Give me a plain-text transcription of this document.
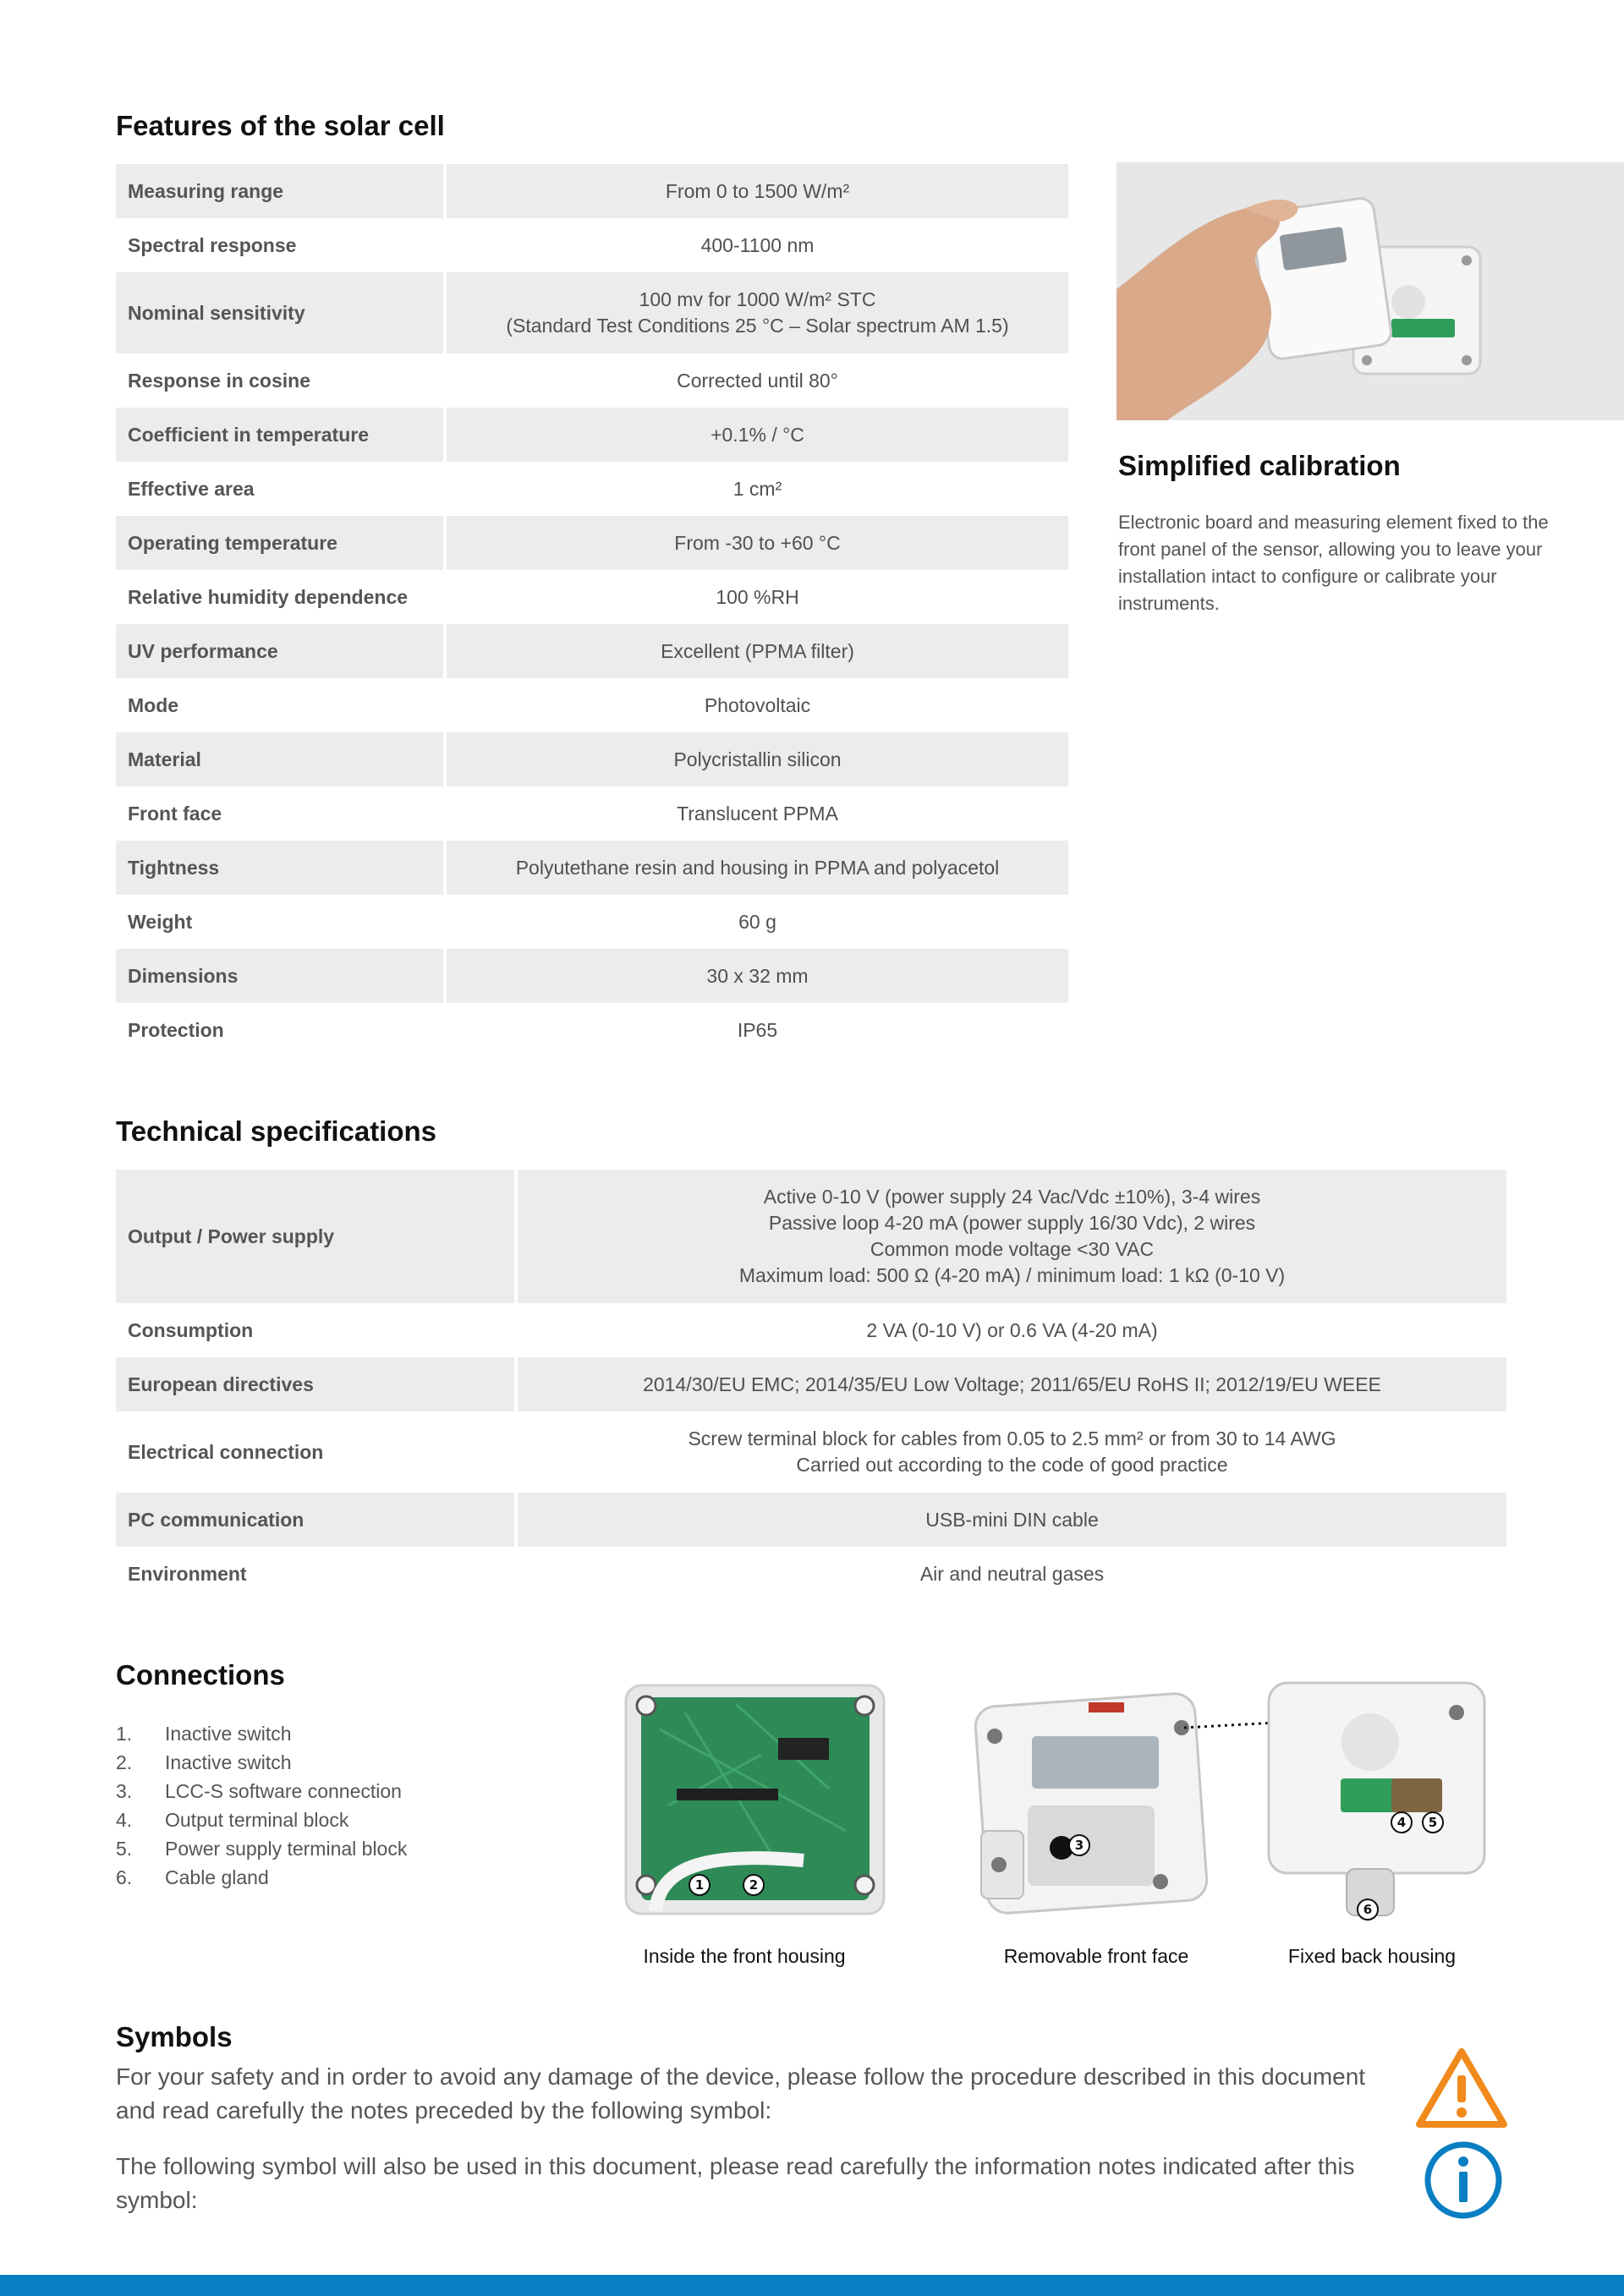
Features of the solar cell
Measuring range	From 0 to 1500 W/m²
Spectral response	400-1100 nm
Nominal sensitivity	100 mv for 1000 W/m² STC
(Standard Test Conditions 25 °C – Solar spectrum AM 1.5)
Response in cosine	Corrected until 80°
Coefficient in temperature	+0.1% / °C
Effective area	1 cm²
Operating temperature	From -30 to +60 °C
Relative humidity dependence	100 %RH
UV performance	Excellent (PPMA filter)
Mode	Photovoltaic
Material	Polycristallin silicon
Front face	Translucent PPMA
Tightness	Polyutethane resin and housing in PPMA and polyacetol
Weight	60 g
Dimensions	30 x 32 mm
Protection	IP65
Simplified calibration
Electronic board and measuring element fixed to the front panel of the sensor, allowing you to leave your installation intact to configure or calibrate your instruments.
Technical specifications
Output / Power supply	Active 0-10 V (power supply 24 Vac/Vdc ±10%), 3-4 wires
Passive loop 4-20 mA (power supply 16/30 Vdc), 2 wires
Common mode voltage <30 VAC
Maximum load: 500 Ω (4-20 mA) / minimum load: 1 kΩ (0-10 V)
Consumption	2 VA (0-10 V) or 0.6 VA (4-20 mA)
European directives	2014/30/EU EMC; 2014/35/EU Low Voltage; 2011/65/EU RoHS II; 2012/19/EU WEEE
Electrical connection	Screw terminal block for cables from 0.05 to 2.5 mm² or from 30 to 14 AWG
Carried out according to the code of good practice
PC communication	USB-mini DIN cable
Environment	Air and neutral gases
Connections
1.	Inactive switch
2.	Inactive switch
3.	LCC-S software connection
4.	Output terminal block
5.	Power supply terminal block
6.	Cable gland	1	2
3
4 5
6
Inside the front housing	Removable front face	Fixed back housing
Symbols
For your safety and in order to avoid any damage of the device, please follow the procedure described in this document and read carefully the notes preceded by the following symbol:
The following symbol will also be used in this document, please read carefully the information notes indicated after this symbol:
